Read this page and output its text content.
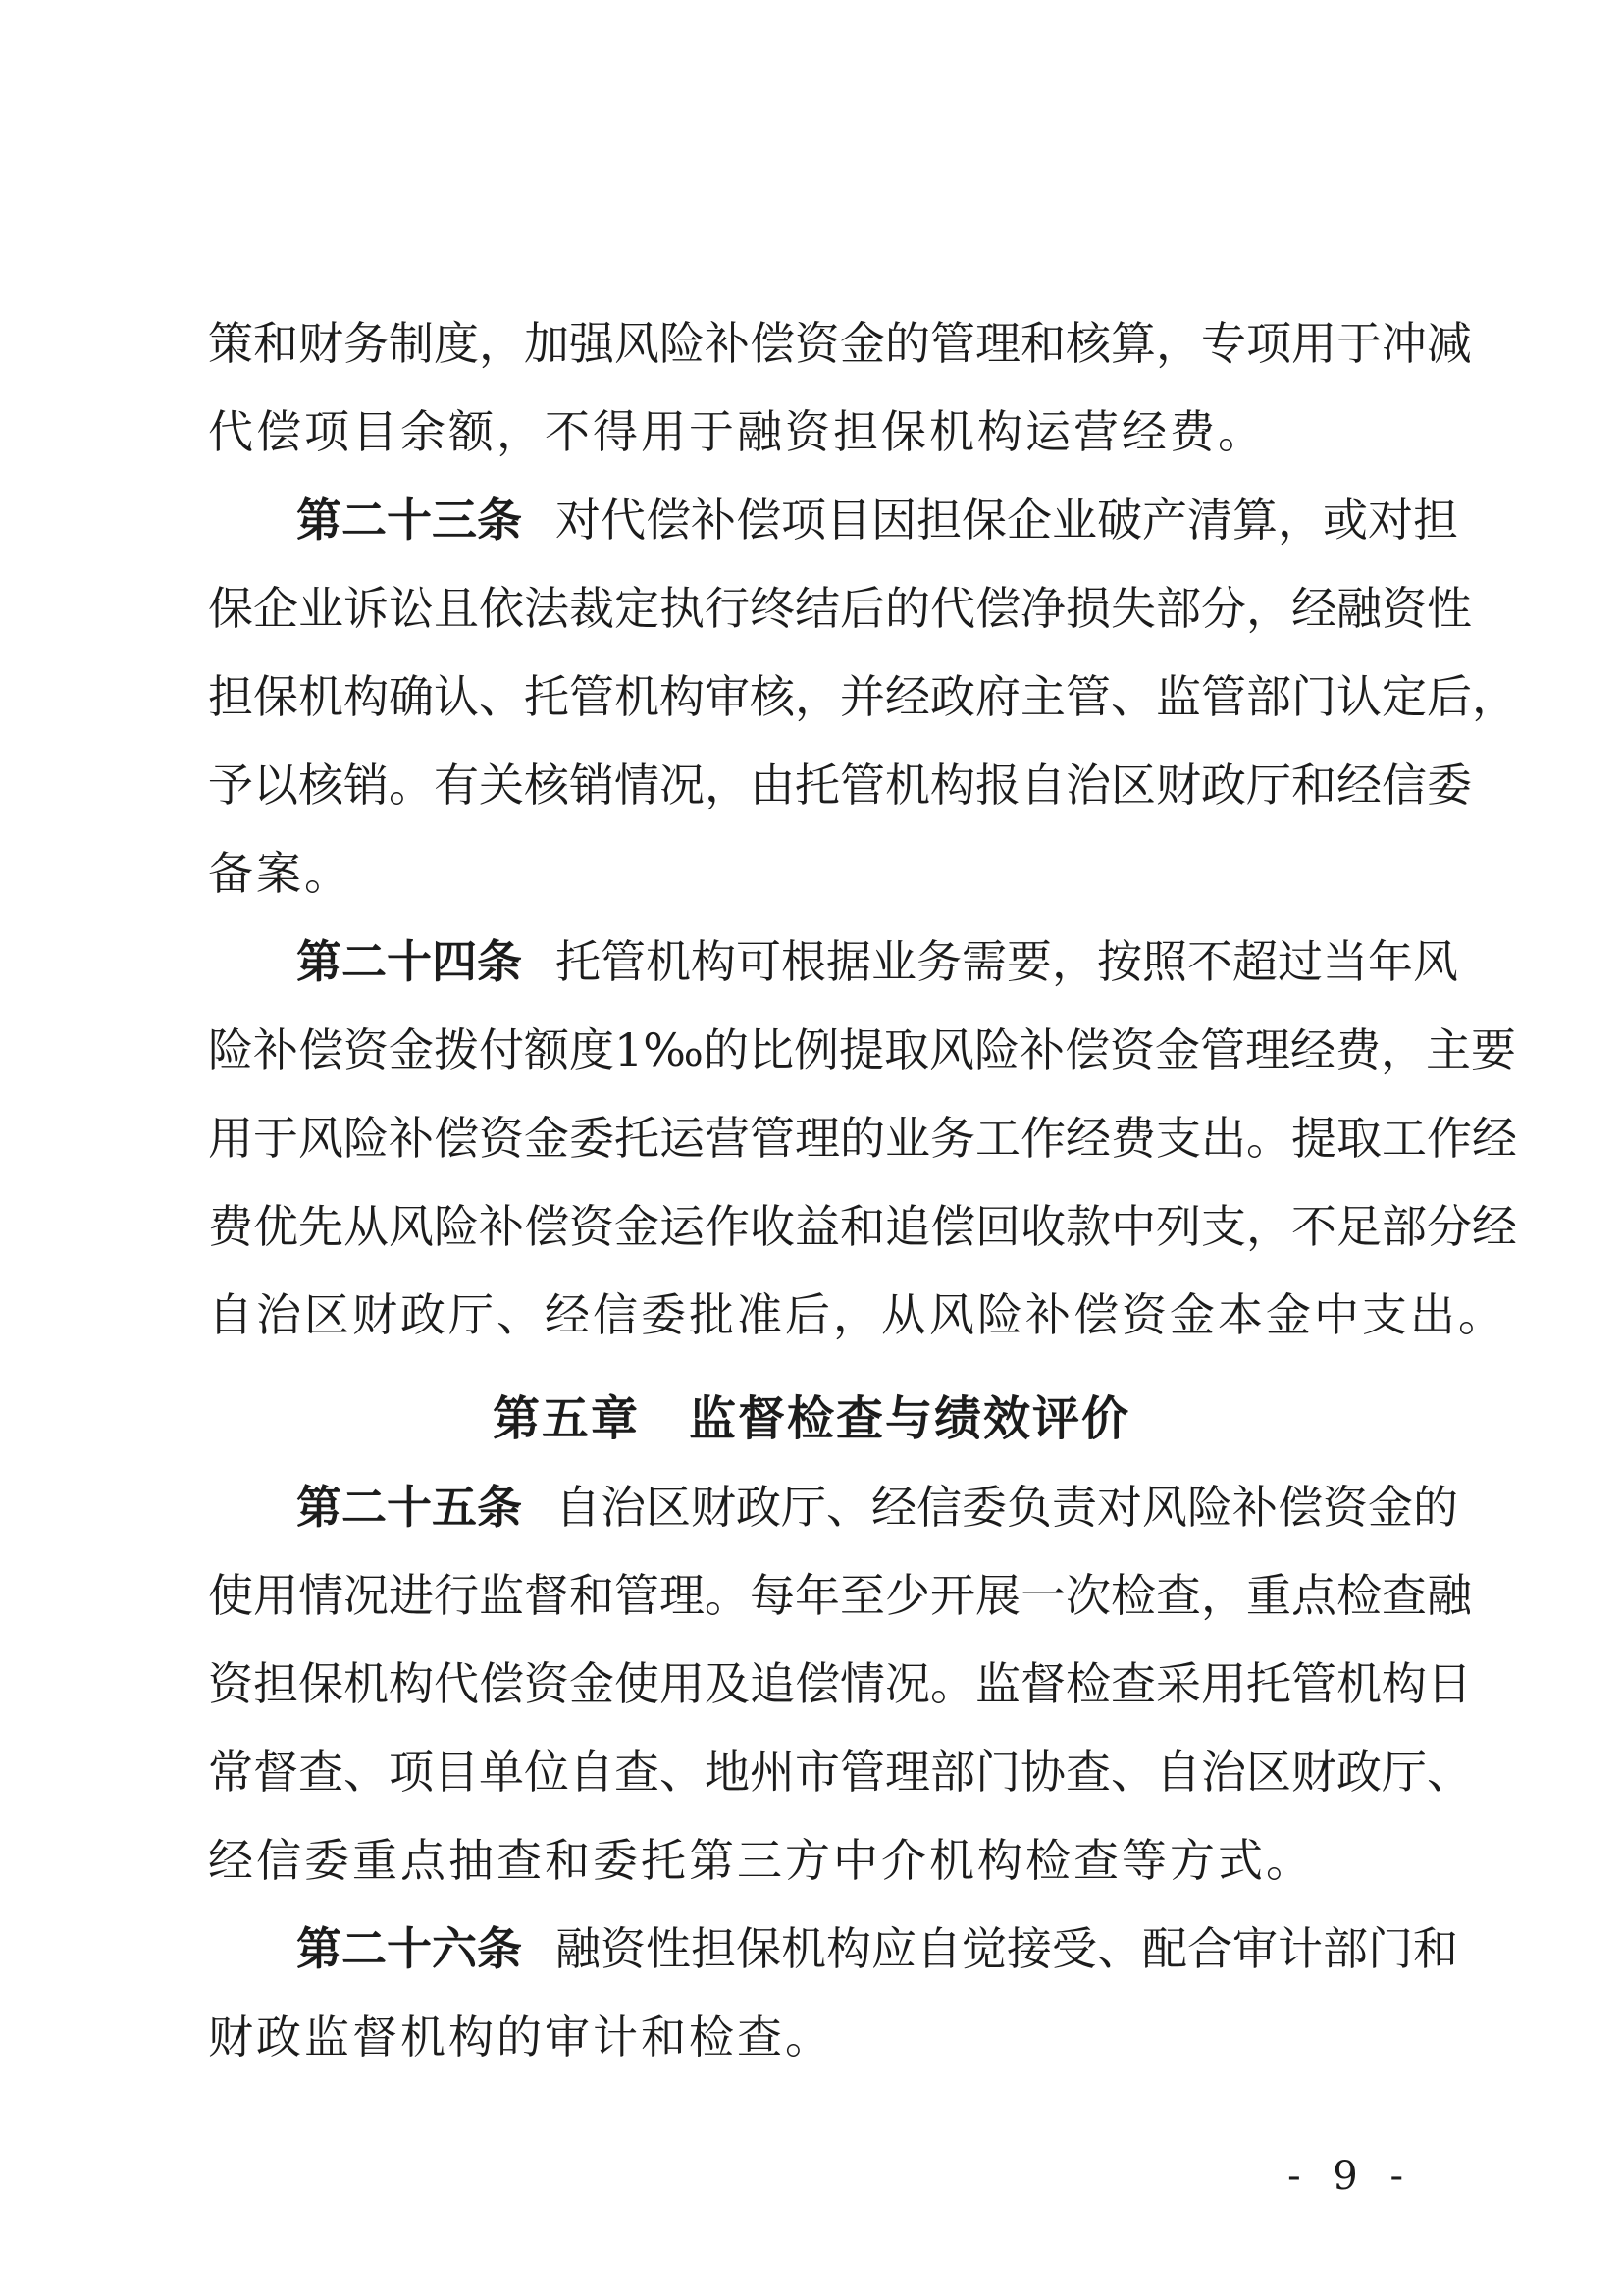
策和财务制度，加强风险补偿资金的管理和核算，专项用于冲减
代偿项目余额，不得用于融资担保机构运营经费。
第二十三条 对代偿补偿项目因担保企业破产清算，或对担
保企业诉讼且依法裁定执行终结后的代偿净损失部分，经融资性
担保机构确认、托管机构审核，并经政府主管、监管部门认定后，
予以核销。有关核销情况，由托管机构报自治区财政厅和经信委
备案。
第二十四条 托管机构可根据业务需要，按照不超过当年风
险补偿资金拨付额度1‰的比例提取风险补偿资金管理经费，主要
用于风险补偿资金委托运营管理的业务工作经费支出。提取工作经
费优先从风险补偿资金运作收益和追偿回收款中列支，不足部分经
自治区财政厅、经信委批准后，从风险补偿资金本金中支出。
第五章　监督检查与绩效评价
第二十五条 自治区财政厅、经信委负责对风险补偿资金的
使用情况进行监督和管理。每年至少开展一次检查，重点检查融
资担保机构代偿资金使用及追偿情况。监督检查采用托管机构日
常督查、项目单位自查、地州市管理部门协查、自治区财政厅、
经信委重点抽查和委托第三方中介机构检查等方式。
第二十六条 融资性担保机构应自觉接受、配合审计部门和
财政监督机构的审计和检查。
- 9 -
